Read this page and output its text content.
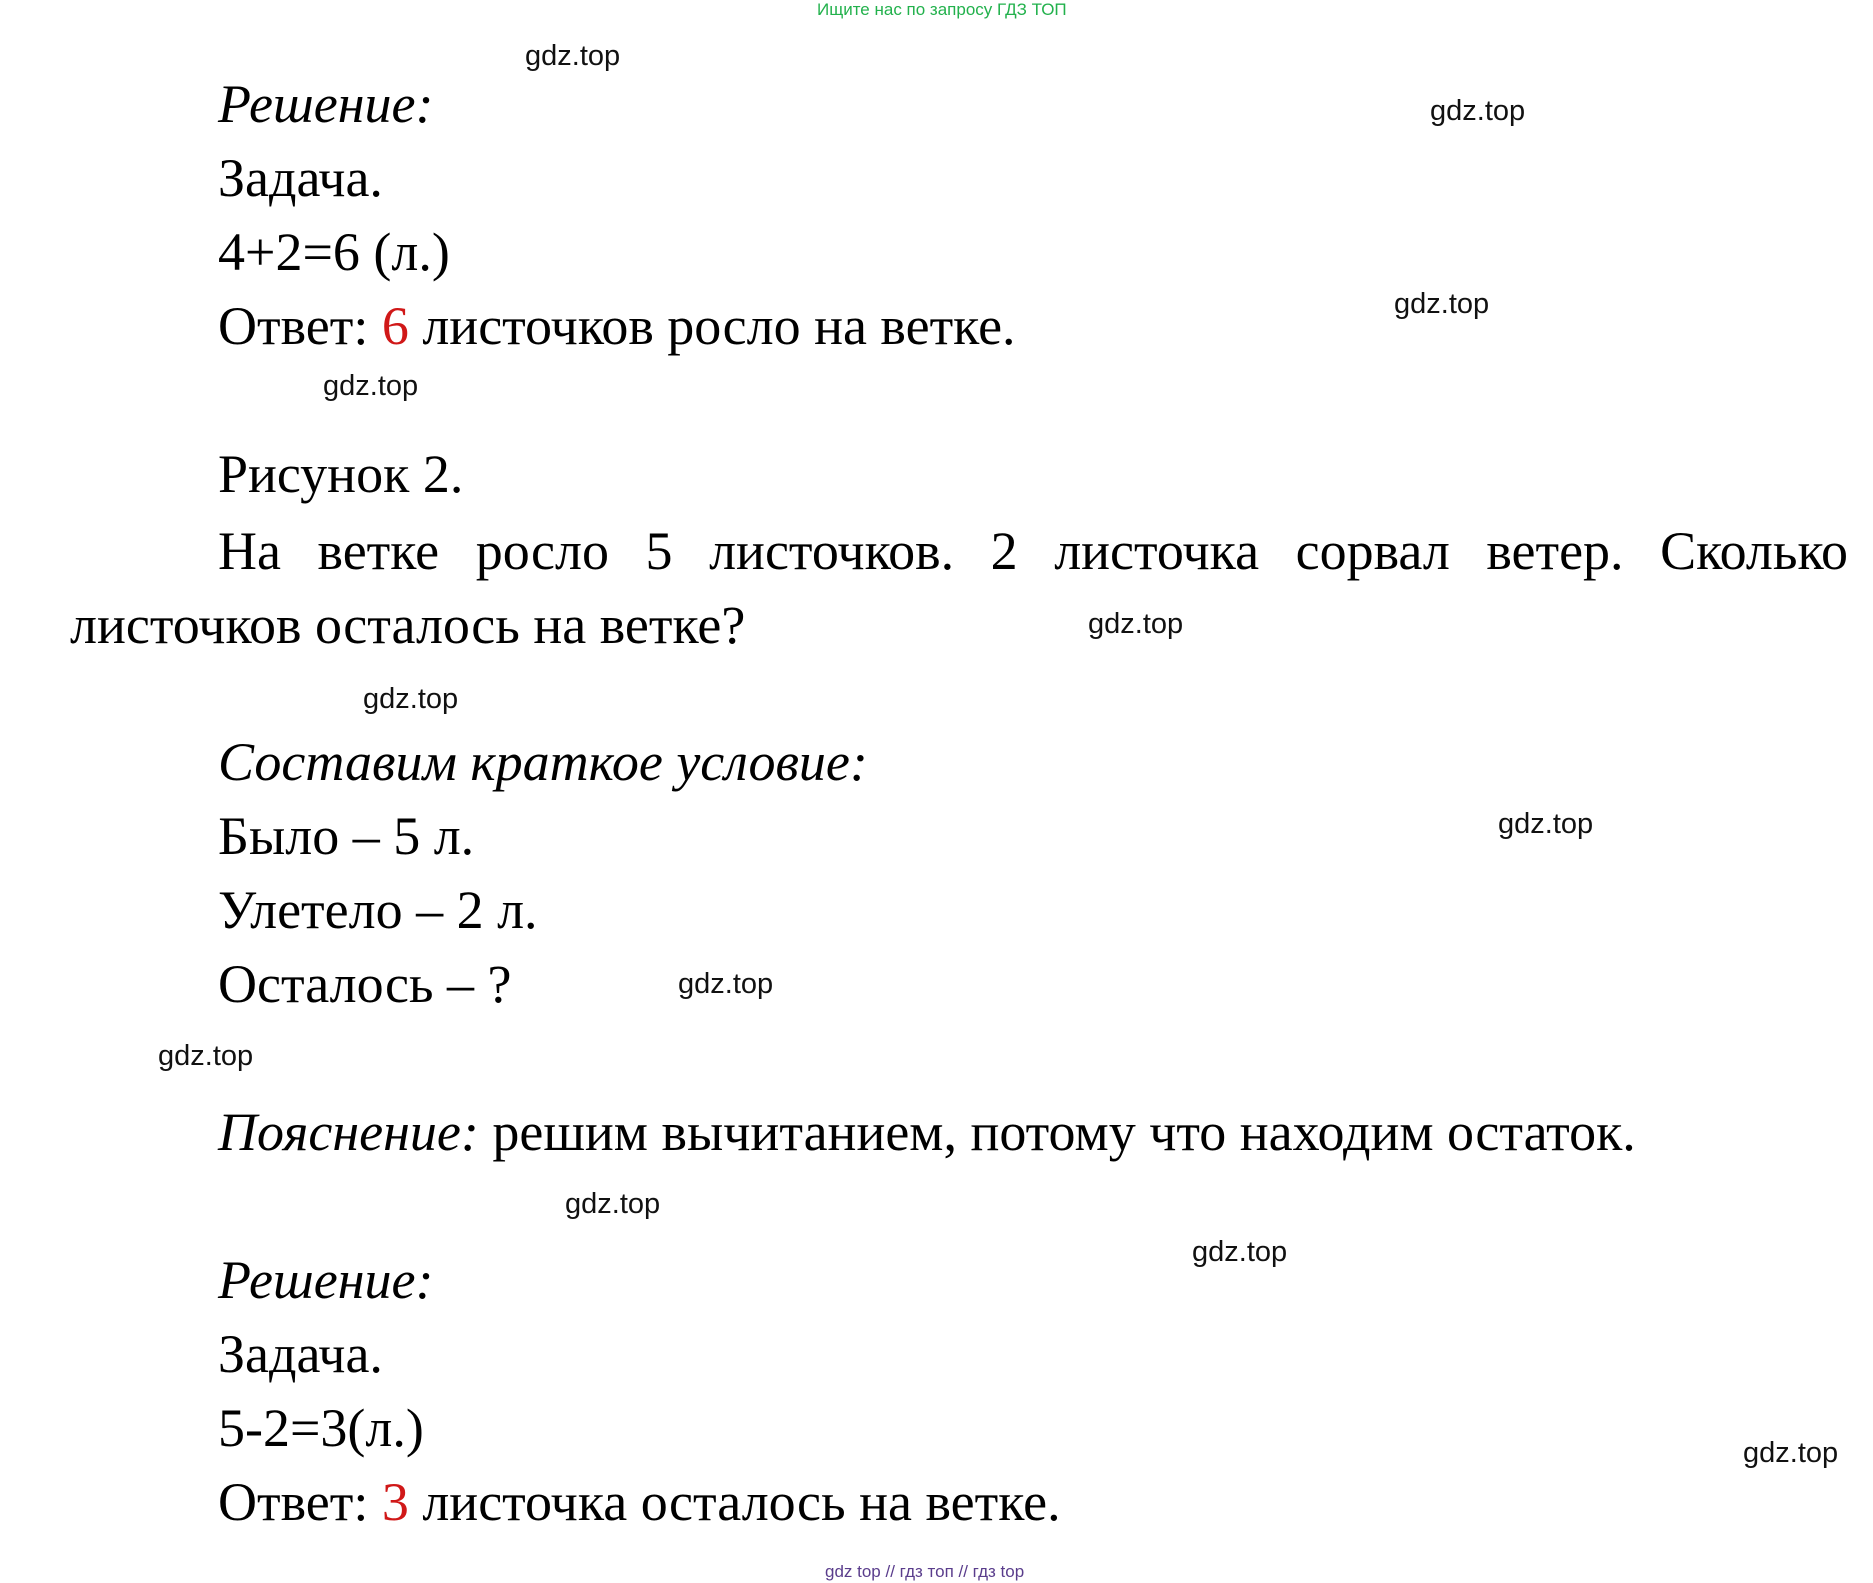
Ищите нас по запросу ГДЗ ТОП
Решение:
Задача.
4+2=6 (л.)
Ответ: 6 листочков росло на ветке.
Рисунок 2.
На ветке росло 5 листочков. 2 листочка сорвал ветер. Сколько листочков осталось на ветке?
Составим краткое условие:
Было – 5 л.
Улетело – 2 л.
Осталось – ?
Пояснение: решим вычитанием, потому что находим остаток.
Решение:
Задача.
5-2=3(л.)
Ответ: 3 листочка осталось на ветке.
gdz.top
gdz.top
gdz.top
gdz.top
gdz.top
gdz.top
gdz.top
gdz.top
gdz.top
gdz.top
gdz.top
gdz.top
gdz top // гдз топ // гдз top
